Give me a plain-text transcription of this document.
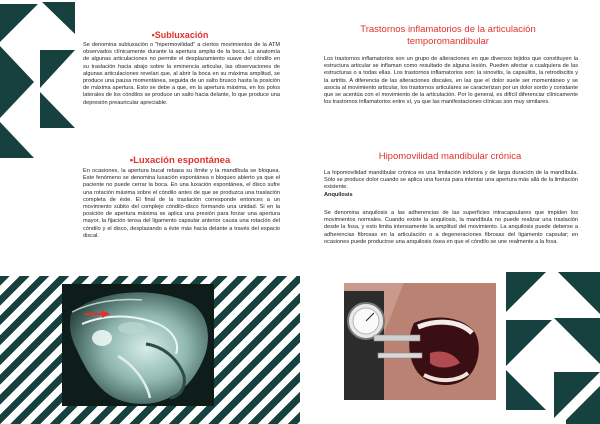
•Subluxación

Se denomina subluxación o "hipermovilidad" a ciertos movimientos de la ATM observados clínicamente durante la apertura amplia de la boca. La anatomía de algunas articulaciones no permite el desplazamiento suave del cóndilo en su traslación hacia abajo sobre la eminencia articular, las observaciones de algunas articulaciones revelan que, al abrir la boca en su máxima amplitud, se produce una pausa momentánea, seguida de un salto brusco hasta la posición de máxima apertura. Esto se debe a que, en la apertura máxima, en los polos laterales de los cóndilos se produce un salto hacia delante, lo que produce una depresión preauricular apreciable.

•Luxación espontánea

En ocasiones, la apertura bucal rebasa su límite y la mandíbula se bloquea. Este fenómeno se denomina luxación espontánea o bloqueo abierto ya que el paciente no puede cerrar la boca. En una luxación espontánea, el disco sufre una rotación máxima sobre el cóndilo antes de que se produzca una traslación completa de éste. El final de la traslación corresponde entonces a un movimiento súbito del complejo cóndilo-disco formando una unidad. Si en la posición de apertura máxima se aplica una presión para forzar una apertura mayor, la fijación tensa del ligamento capsular anterior causa una rotación del cóndilo y el disco, desplazando a éste más hacia delante a través del espacio discal.

Trastornos inflamatorios de la articulación temporomandibular

Los trastornos inflamatorios son un grupo de alteraciones en que diversos tejidos que constituyen la estructura articular se inflaman como resultado de alguna lesión. Pueden afectar a cualquiera de las estructuras o a todas ellas. Los trastornos inflamatorios son: la sinovitis, la capsulitis, la retrodiscitis y la artritis. A diferencia de las alteraciones discales, en las que el dolor suele ser momentáneo y se asocia al movimiento articular, los trastornos articulares se caracterizan por un dolor sordo y constante que se acentúa con el movimiento de la articulación. Por lo general, es difícil diferenciar clínicamente los trastornos inflamatorios entre sí, ya que las manifestaciones clínicas son muy similares.

Hipomovilidad mandibular crónica

La hipomovilidad mandibular crónica es una limitación indolora y de larga duración de la mandíbula. Sólo se produce dolor cuando se aplica una fuerza para intentar una apertura más allá de la limitación existente.

Anquilosis

Se denomina anquilosis a las adherencias de las superficies intracapsulares que impiden los movimientos normales. Cuando existe la anquilosis, la mandíbula no puede realizar una traslación desde la fosa, y esto limita intensamente la amplitud del movimiento. La anquilosis puede deberse a adherencias fibrosas en la articulación o a degeneraciones fibrosas del ligamento capsular; en ocasiones puede producirse una anquilosis ósea en que el cóndilo se une realmente a la fosa.
